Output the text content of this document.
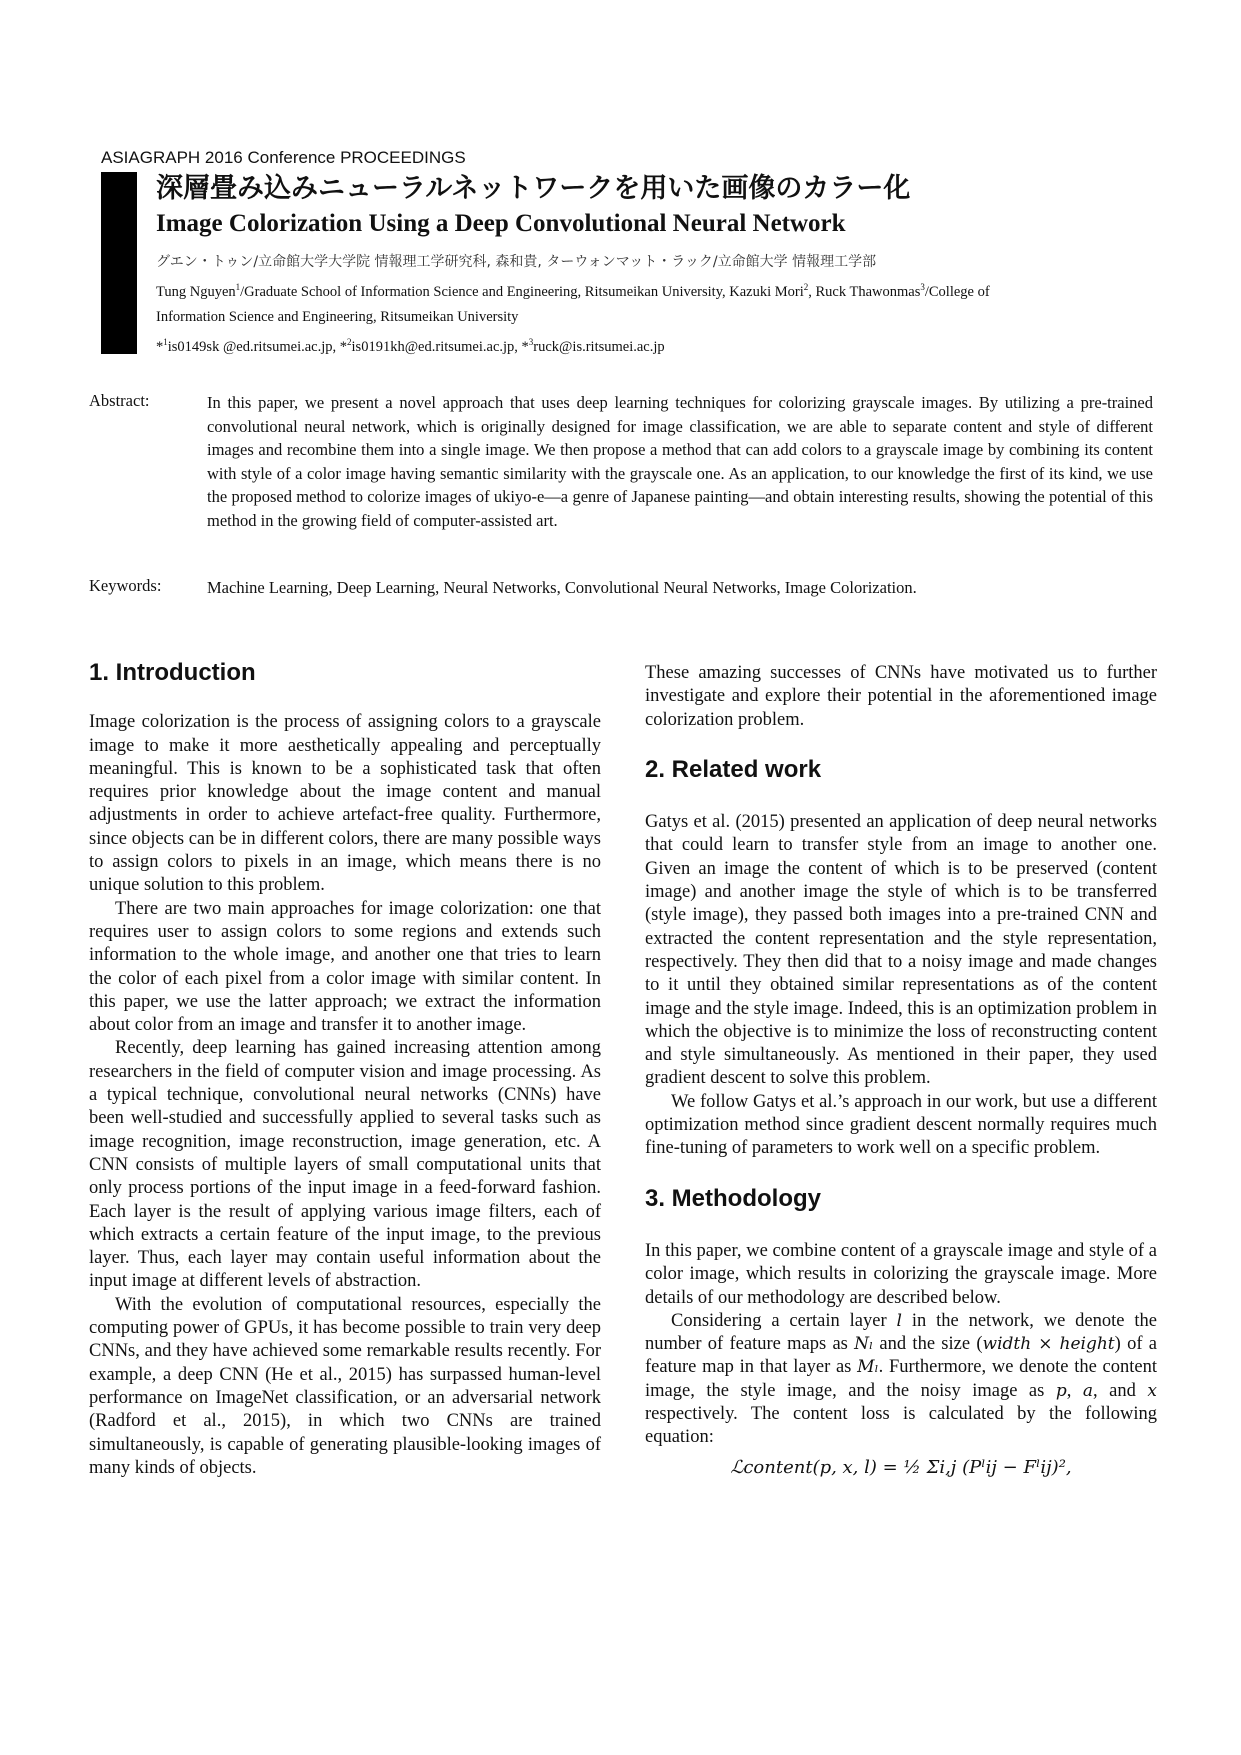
ASIAGRAPH 2016 Conference PROCEEDINGS
深層畳み込みニューラルネットワークを用いた画像のカラー化
Image Colorization Using a Deep Convolutional Neural Network
グエン・トゥン/立命館大学大学院 情報理工学研究科, 森和貴, ターウォンマット・ラック/立命館大学 情報理工学部
Tung Nguyen$^1$/Graduate School of Information Science and Engineering, Ritsumeikan University, Kazuki Mori$^2$, Ruck Thawonmas$^3$/College of
Information Science and Engineering, Ritsumeikan University
*$^1$is0149sk @ed.ritsumei.ac.jp, *$^2$is0191kh@ed.ritsumei.ac.jp, *$^3$ruck@is.ritsumei.ac.jp
Abstract:	In this paper, we present a novel approach that uses deep learning techniques for colorizing grayscale images. By utilizing a pre-trained convolutional neural network, which is originally designed for image classification, we are able to separate content and style of different images and recombine them into a single image. We then propose a method that can add colors to a grayscale image by combining its content with style of a color image having semantic similarity with the grayscale one. As an application, to our knowledge the first of its kind, we use the proposed method to colorize images of ukiyo-e—a genre of Japanese painting—and obtain interesting results, showing the potential of this method in the growing field of computer-assisted art.
Keywords:	Machine Learning, Deep Learning, Neural Networks, Convolutional Neural Networks, Image Colorization.
1. Introduction

Image colorization is the process of assigning colors to a grayscale image to make it more aesthetically appealing and perceptually meaningful. This is known to be a sophisticated task that often requires prior knowledge about the image content and manual adjustments in order to achieve artefact-free quality. Furthermore, since objects can be in different colors, there are many possible ways to assign colors to pixels in an image, which means there is no unique solution to this problem.

There are two main approaches for image colorization: one that requires user to assign colors to some regions and extends such information to the whole image, and another one that tries to learn the color of each pixel from a color image with similar content. In this paper, we use the latter approach; we extract the information about color from an image and transfer it to another image.

Recently, deep learning has gained increasing attention among researchers in the field of computer vision and image processing. As a typical technique, convolutional neural networks (CNNs) have been well-studied and successfully applied to several tasks such as image recognition, image reconstruction, image generation, etc. A CNN consists of multiple layers of small computational units that only process portions of the input image in a feed-forward fashion. Each layer is the result of applying various image filters, each of which extracts a certain feature of the input image, to the previous layer. Thus, each layer may contain useful information about the input image at different levels of abstraction.

With the evolution of computational resources, especially the computing power of GPUs, it has become possible to train very deep CNNs, and they have achieved some remarkable results recently. For example, a deep CNN (He et al., 2015) has surpassed human-level performance on ImageNet classification, or an adversarial network (Radford et al., 2015), in which two CNNs are trained simultaneously, is capable of generating plausible-looking images of many kinds of objects.

These amazing successes of CNNs have motivated us to further investigate and explore their potential in the aforementioned image colorization problem.

2. Related work

Gatys et al. (2015) presented an application of deep neural networks that could learn to transfer style from an image to another one. Given an image the content of which is to be preserved (content image) and another image the style of which is to be transferred (style image), they passed both images into a pre-trained CNN and extracted the content representation and the style representation, respectively. They then did that to a noisy image and made changes to it until they obtained similar representations as of the content image and the style image. Indeed, this is an optimization problem in which the objective is to minimize the loss of reconstructing content and style simultaneously. As mentioned in their paper, they used gradient descent to solve this problem.

We follow Gatys et al.’s approach in our work, but use a different optimization method since gradient descent normally requires much fine-tuning of parameters to work well on a specific problem.

3. Methodology

In this paper, we combine content of a grayscale image and style of a color image, which results in colorizing the grayscale image. More details of our methodology are described below.

Considering a certain layer l in the network, we denote the number of feature maps as Nₗ and the size (width × height) of a feature map in that layer as Mₗ. Furthermore, we denote the content image, the style image, and the noisy image as p, a, and x respectively. The content loss is calculated by the following equation:

ℒcontent(p, x, l) = ½ Σi,j (Pˡij − Fˡij)²,
